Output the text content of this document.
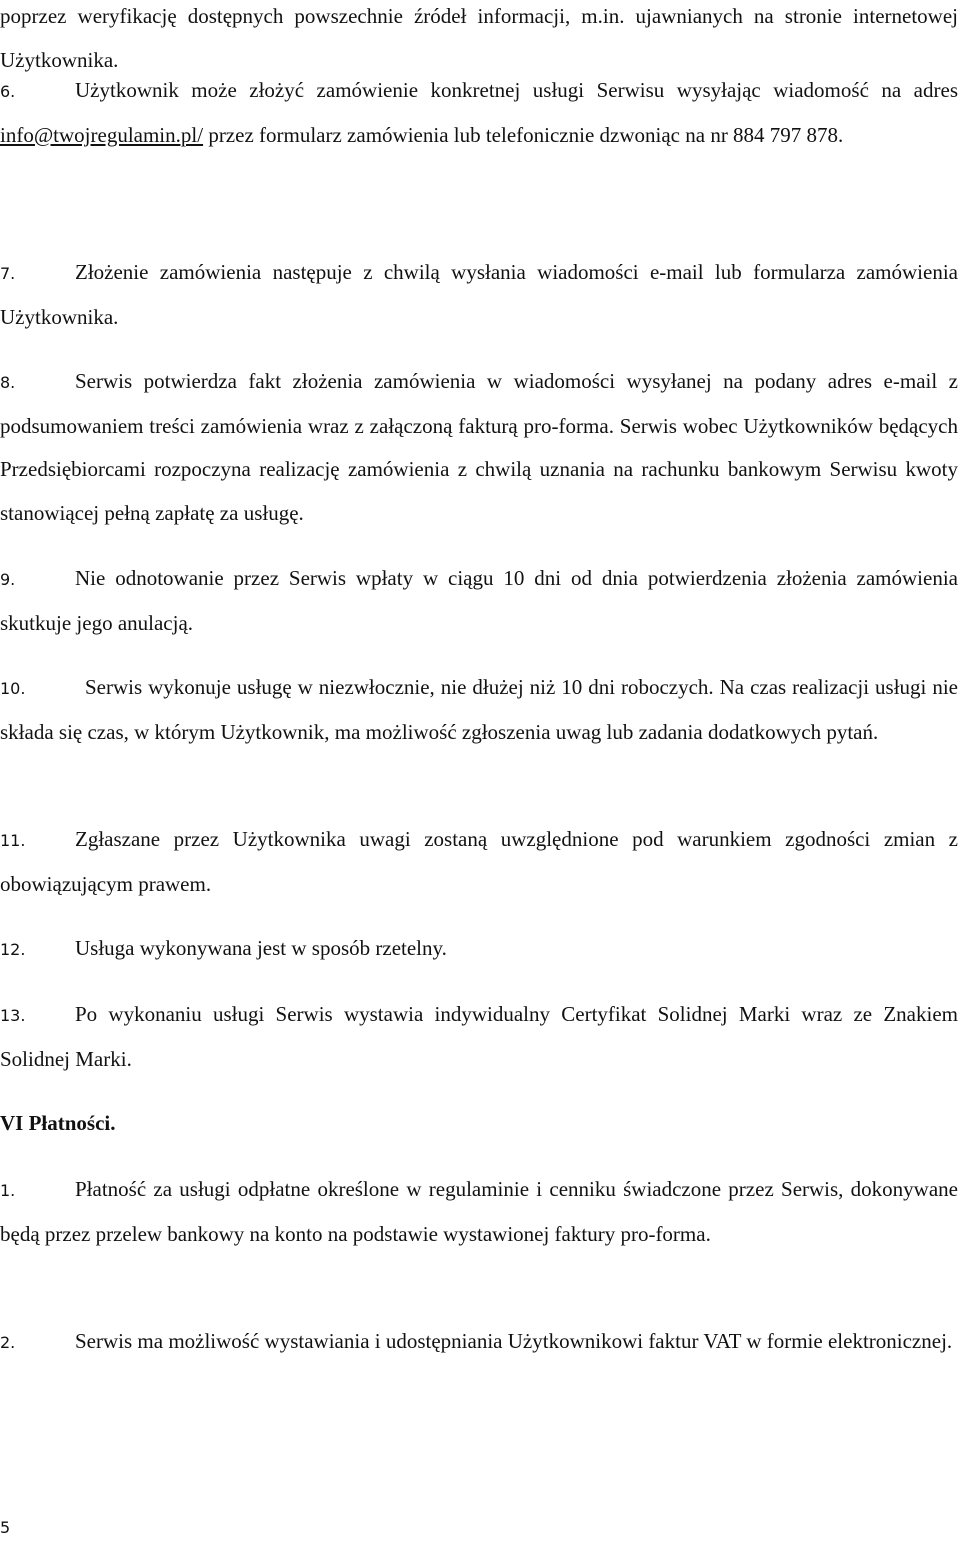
poprzez weryfikację dostępnych powszechnie źródeł informacji, m.in. ujawnianych na stronie internetowej Użytkownika.

6.	Użytkownik może złożyć zamówienie konkretnej usługi Serwisu wysyłając wiadomość na adres info@twojregulamin.pl/ przez formularz zamówienia lub telefonicznie dzwoniąc na nr 884 797 878.

7.	Złożenie zamówienia następuje z chwilą wysłania wiadomości e-mail lub formularza zamówienia Użytkownika.

8.	Serwis potwierdza fakt złożenia zamówienia w wiadomości wysyłanej na podany adres e-mail z podsumowaniem treści zamówienia wraz z załączoną fakturą pro-forma. Serwis wobec Użytkowników będących Przedsiębiorcami rozpoczyna realizację zamówienia z chwilą uznania na rachunku bankowym Serwisu kwoty stanowiącej pełną zapłatę za usługę.

9.	Nie odnotowanie przez Serwis wpłaty w ciągu 10 dni od dnia potwierdzenia złożenia zamówienia skutkuje jego anulacją.

10.	Serwis wykonuje usługę w niezwłocznie, nie dłużej niż 10 dni roboczych. Na czas realizacji usługi nie składa się czas, w którym Użytkownik, ma możliwość zgłoszenia uwag lub zadania dodatkowych pytań.

11. Zgłaszane przez Użytkownika uwagi zostaną uwzględnione pod warunkiem zgodności zmian z obowiązującym prawem.

12. Usługa wykonywana jest w sposób rzetelny.

13. Po wykonaniu usługi Serwis wystawia indywidualny Certyfikat Solidnej Marki wraz ze Znakiem Solidnej Marki.

VI Płatności.

1.	Płatność za usługi odpłatne określone w regulaminie i cenniku świadczone przez Serwis, dokonywane będą przez przelew bankowy na konto na podstawie wystawionej faktury pro-forma.

2.	Serwis ma możliwość wystawiania i udostępniania Użytkownikowi faktur VAT w formie elektronicznej.

5
